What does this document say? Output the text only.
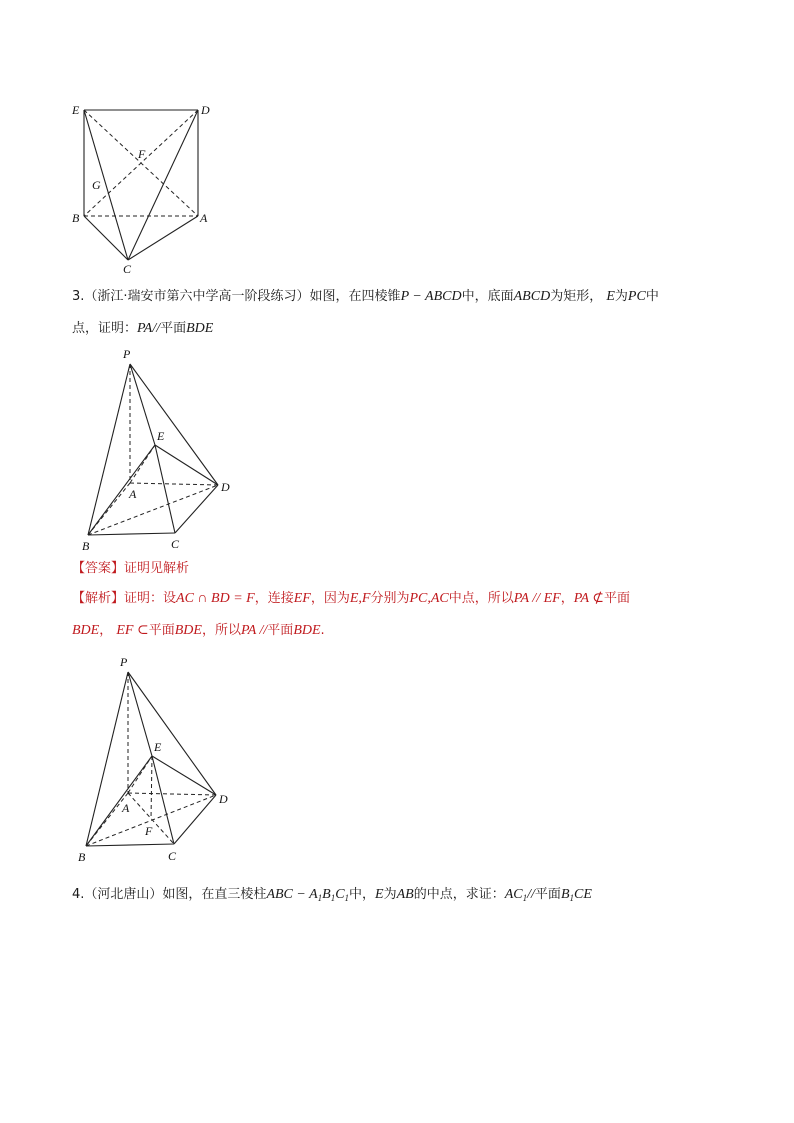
E	D
F
G
B	A
C
3.（浙江·瑞安市第六中学高一阶段练习）如图，在四棱锥P − ABCD中，底面ABCD为矩形， E为PC中
点，证明：PA//平面BDE
P
E
A	D
B	C
【答案】证明见解析
【解析】证明：设AC ∩ BD = F，连接EF，因为E,F分别为PC,AC中点，所以PA // EF，PA ⊄平面
BDE， EF ⊂平面BDE，所以PA //平面BDE.
P
E
A
D
F
B	C
4.（河北唐山）如图，在直三棱柱ABC − $A_1B_1C_1$中，E为AB的中点，求证：$AC_1//$平面$B_1CE$
